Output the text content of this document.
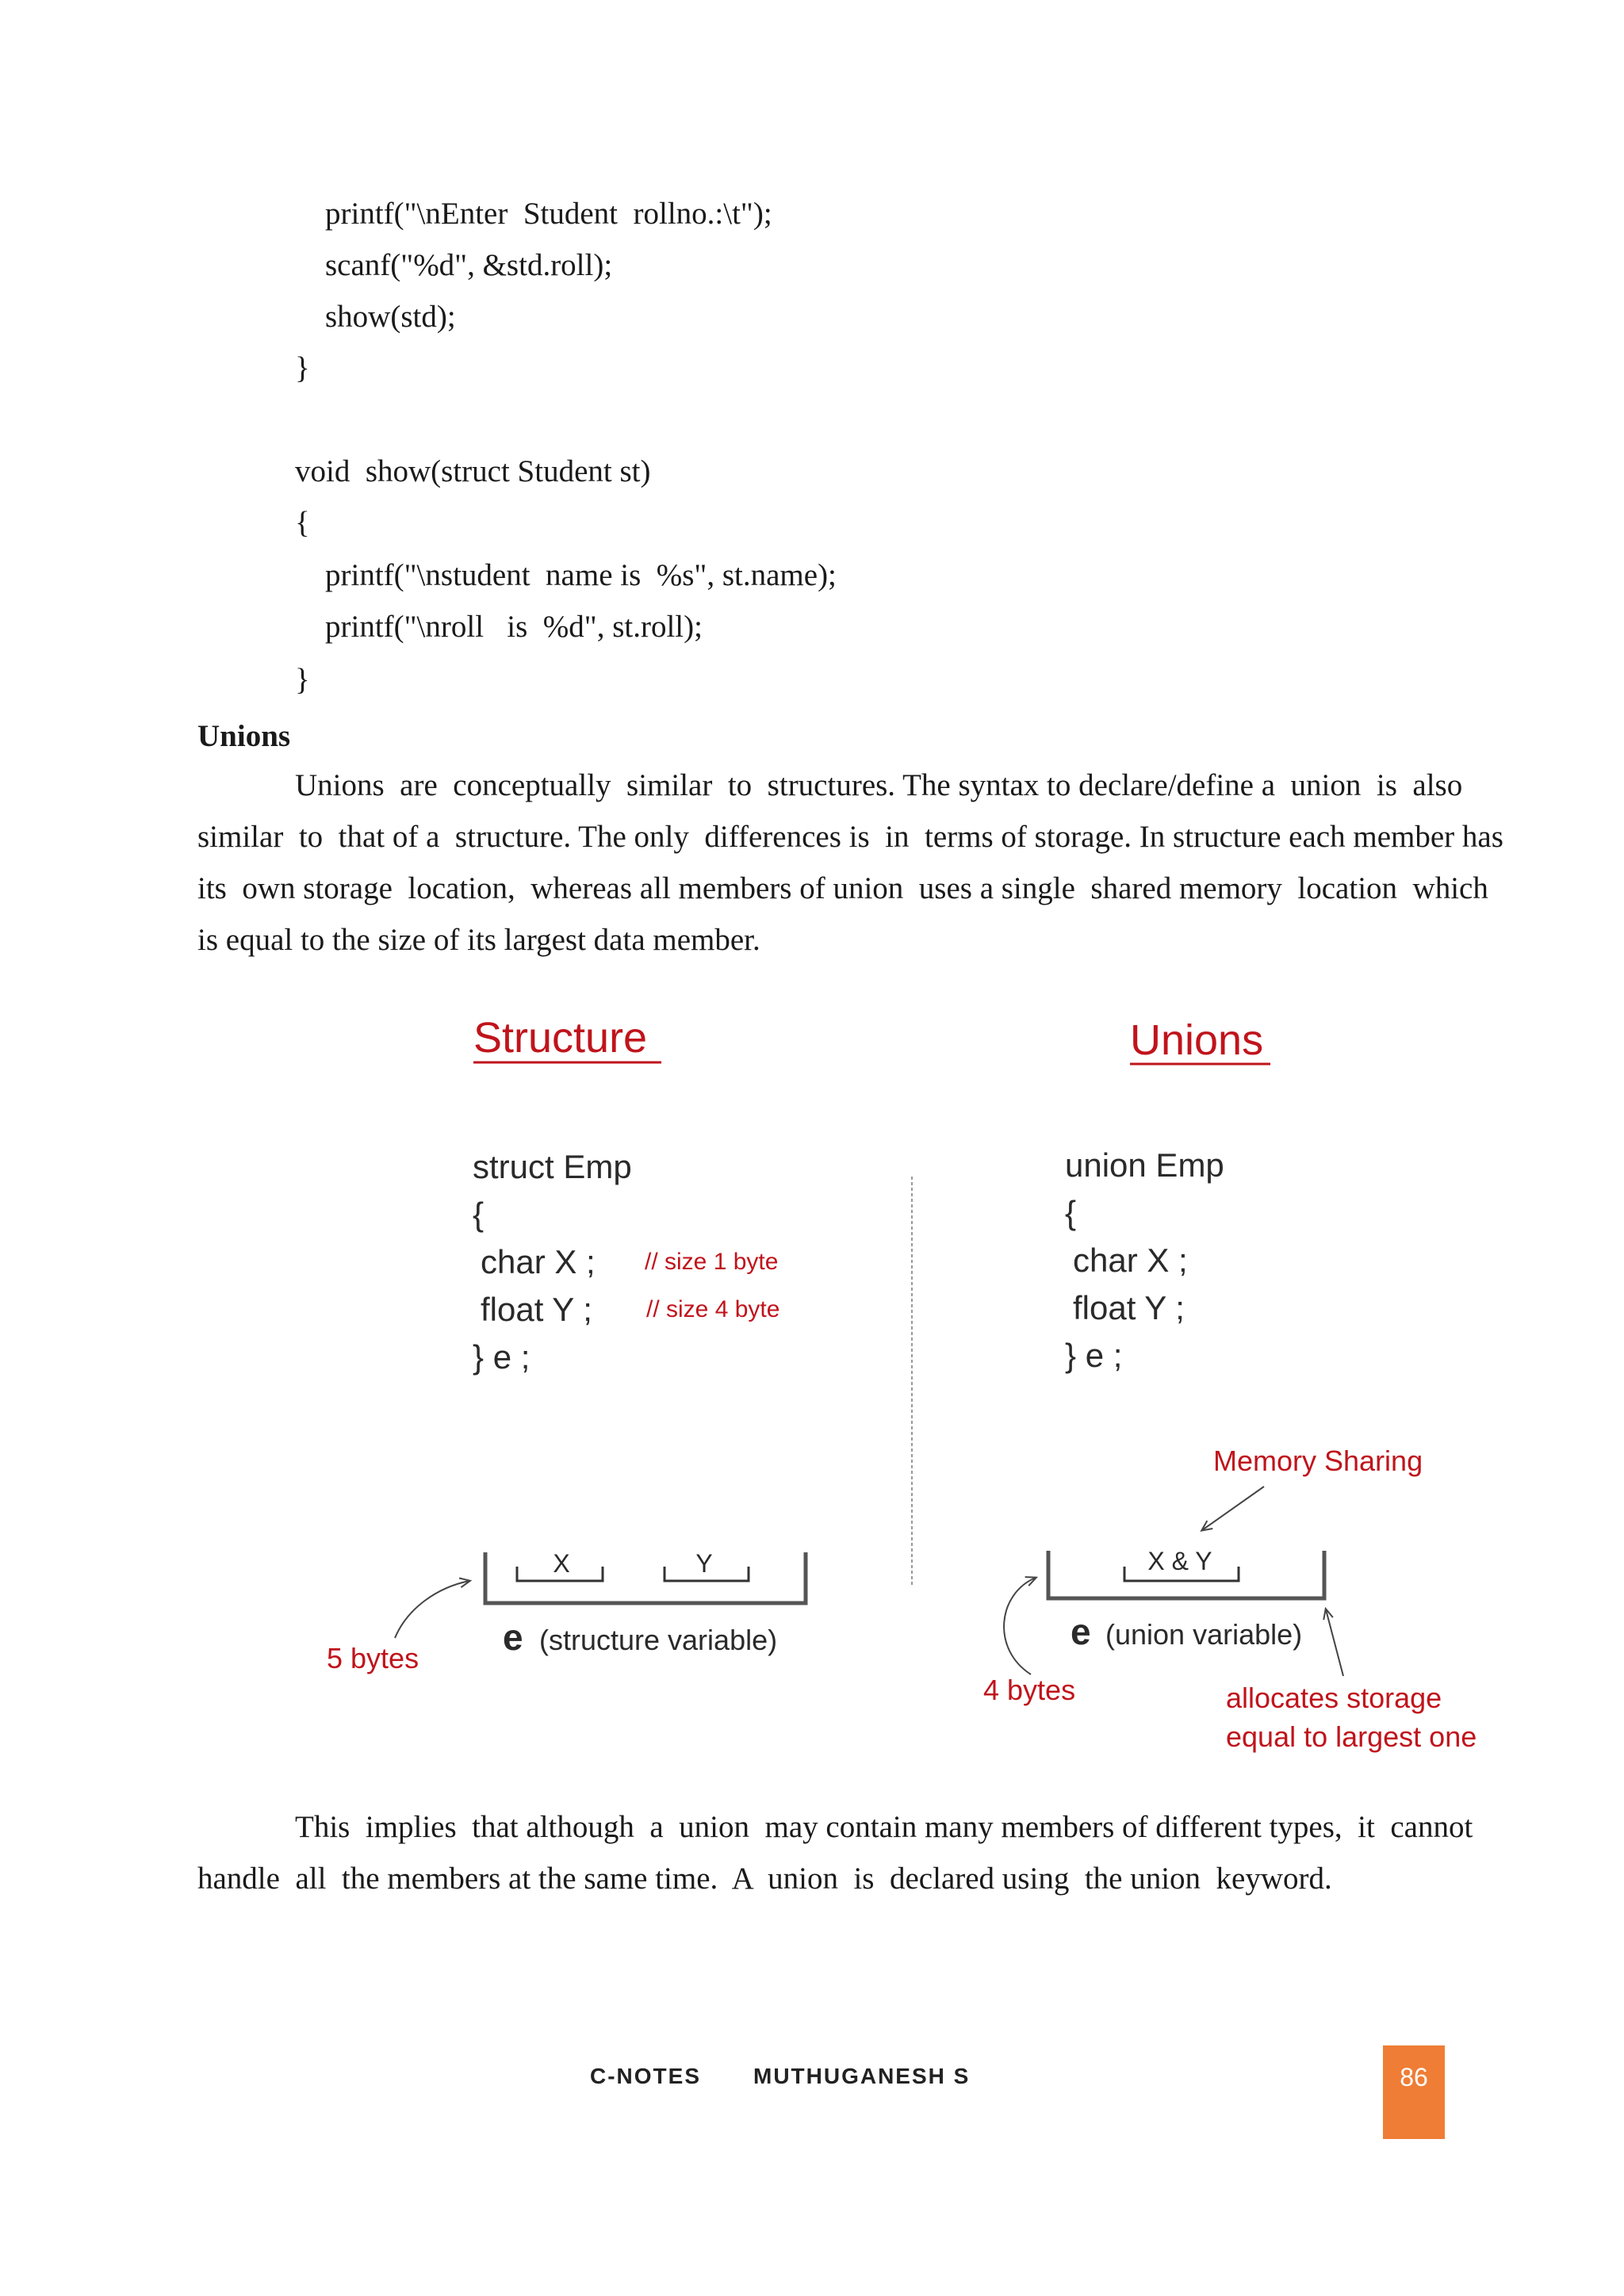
printf("\nEnter  Student  rollno.:\t");
scanf("%d", &std.roll);
show(std);
}
void  show(struct Student st)
{
printf("\nstudent  name is  %s", st.name);
printf("\nroll   is  %d", st.roll);
}
Unions

Unions  are  conceptually  similar  to  structures. The syntax to declare/define a  union  is  also
similar  to  that of a  structure. The only  differences is  in  terms of storage. In structure each member has
its  own storage  location,  whereas all members of union  uses a single  shared memory  location  which
is equal to the size of its largest data member.

Structure
struct Emp
{
char X ; // size 1 byte
float Y ; // size 4 byte
} e ;
X	Y
e (structure variable)
5 bytes
Unions
union Emp
{
char X ;
float Y ;
} e ;
Memory Sharing
X & Y
e (union variable)
4 bytes	allocates storage
equal to largest one

This  implies  that although  a  union  may contain many members of different types,  it  cannot
handle  all  the members at the same time.  A  union  is  declared using  the union  keyword.

C-NOTES MUTHUGANESH S	86
